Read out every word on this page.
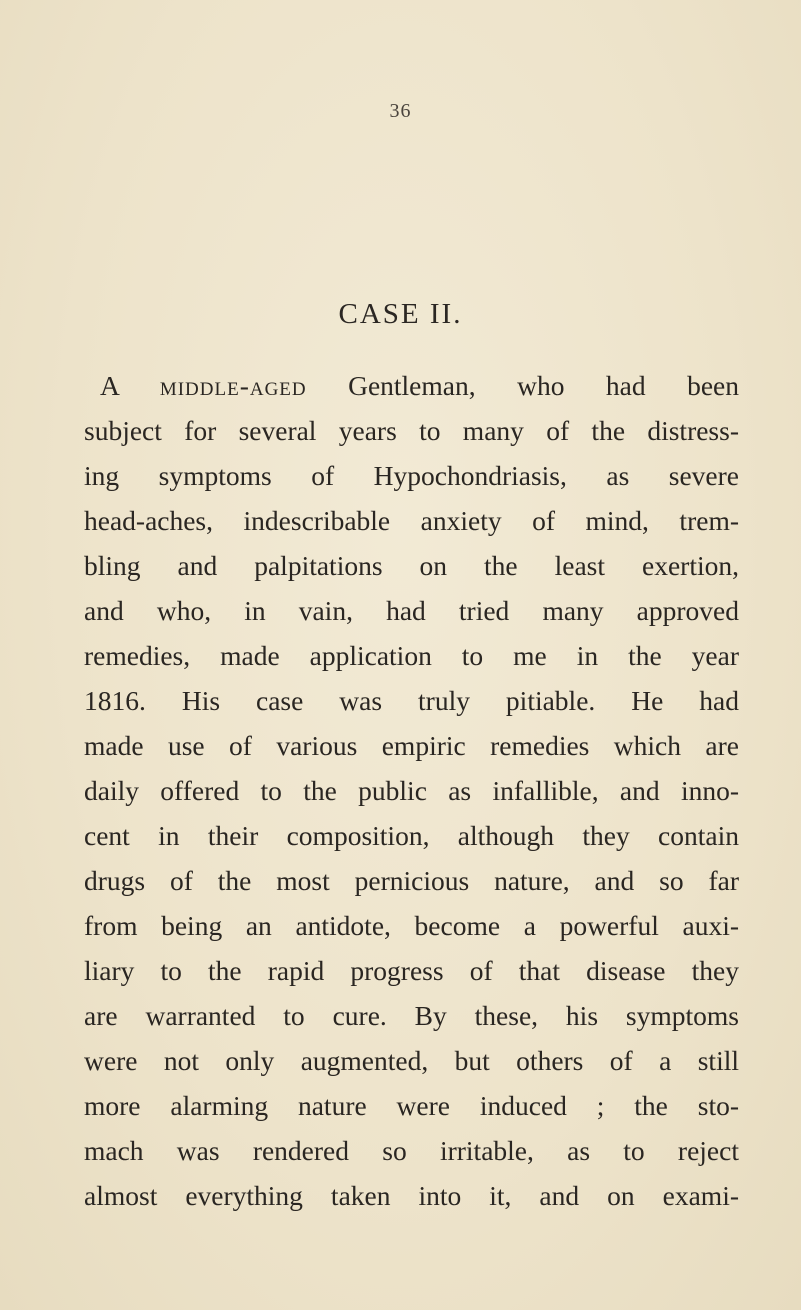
36
CASE II.
A middle-aged Gentleman, who had been
subject for several years to many of the distress-
ing symptoms of Hypochondriasis, as severe
head-aches, indescribable anxiety of mind, trem-
bling and palpitations on the least exertion,
and who, in vain, had tried many approved
remedies, made application to me in the year
1816. His case was truly pitiable. He had
made use of various empiric remedies which are
daily offered to the public as infallible, and inno-
cent in their composition, although they contain
drugs of the most pernicious nature, and so far
from being an antidote, become a powerful auxi-
liary to the rapid progress of that disease they
are warranted to cure. By these, his symptoms
were not only augmented, but others of a still
more alarming nature were induced ; the sto-
mach was rendered so irritable, as to reject
almost everything taken into it, and on exami-
